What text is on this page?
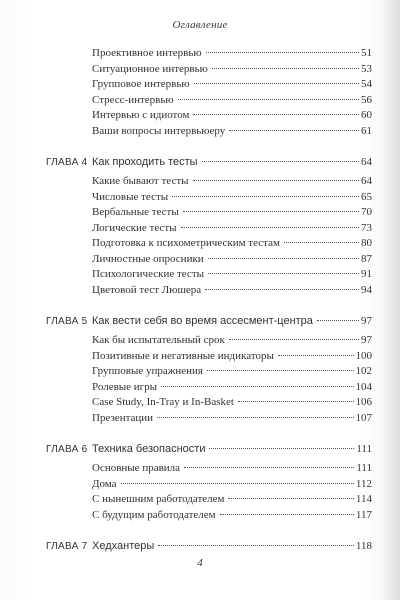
Оглавление
Проективное интервью	51
Ситуационное интервью	53
Групповое интервью	54
Стресс-интервью	56
Интервью с идиотом	60
Ваши вопросы интервьюеру	61
ГЛАВА 4 Как проходить тесты	64
Какие бывают тесты	64
Числовые тесты	65
Вербальные тесты	70
Логические тесты	73
Подготовка к психометрическим тестам	80
Личностные опросники	87
Психологические тесты	91
Цветовой тест Люшера	94
ГЛАВА 5 Как вести себя во время ассесмент-центра	97
Как бы испытательный срок	97
Позитивные и негативные индикаторы	100
Групповые упражнения	102
Ролевые игры	104
Case Study, In-Tray и In-Basket	106
Презентации	107
ГЛАВА 6 Техника безопасности	111
Основные правила	111
Дома	112
С нынешним работодателем	114
С будущим работодателем	117
ГЛАВА 7 Хедхантеры	118
4
